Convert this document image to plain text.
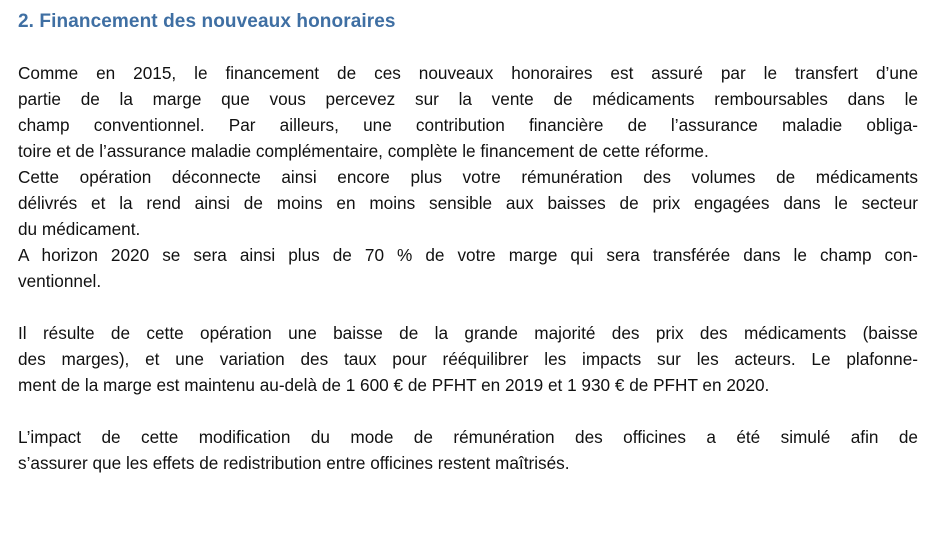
2. Financement des nouveaux honoraires

Comme en 2015, le financement de ces nouveaux honoraires est assuré par le transfert d’une
partie de la marge que vous percevez sur la vente de médicaments remboursables dans le
champ conventionnel. Par ailleurs, une contribution financière de l’assurance maladie obliga-
toire et de l’assurance maladie complémentaire, complète le financement de cette réforme.

Cette opération déconnecte ainsi encore plus votre rémunération des volumes de médicaments
délivrés et la rend ainsi de moins en moins sensible aux baisses de prix engagées dans le secteur
du médicament.

A horizon 2020 se sera ainsi plus de 70 % de votre marge qui sera transférée dans le champ con-
ventionnel.

Il résulte de cette opération une baisse de la grande majorité des prix des médicaments (baisse
des marges), et une variation des taux pour rééquilibrer les impacts sur les acteurs. Le plafonne-
ment de la marge est maintenu au-delà de 1 600 € de PFHT en 2019 et 1 930 € de PFHT en 2020.

L’impact de cette modification du mode de rémunération des officines a été simulé afin de
s’assurer que les effets de redistribution entre officines restent maîtrisés.
